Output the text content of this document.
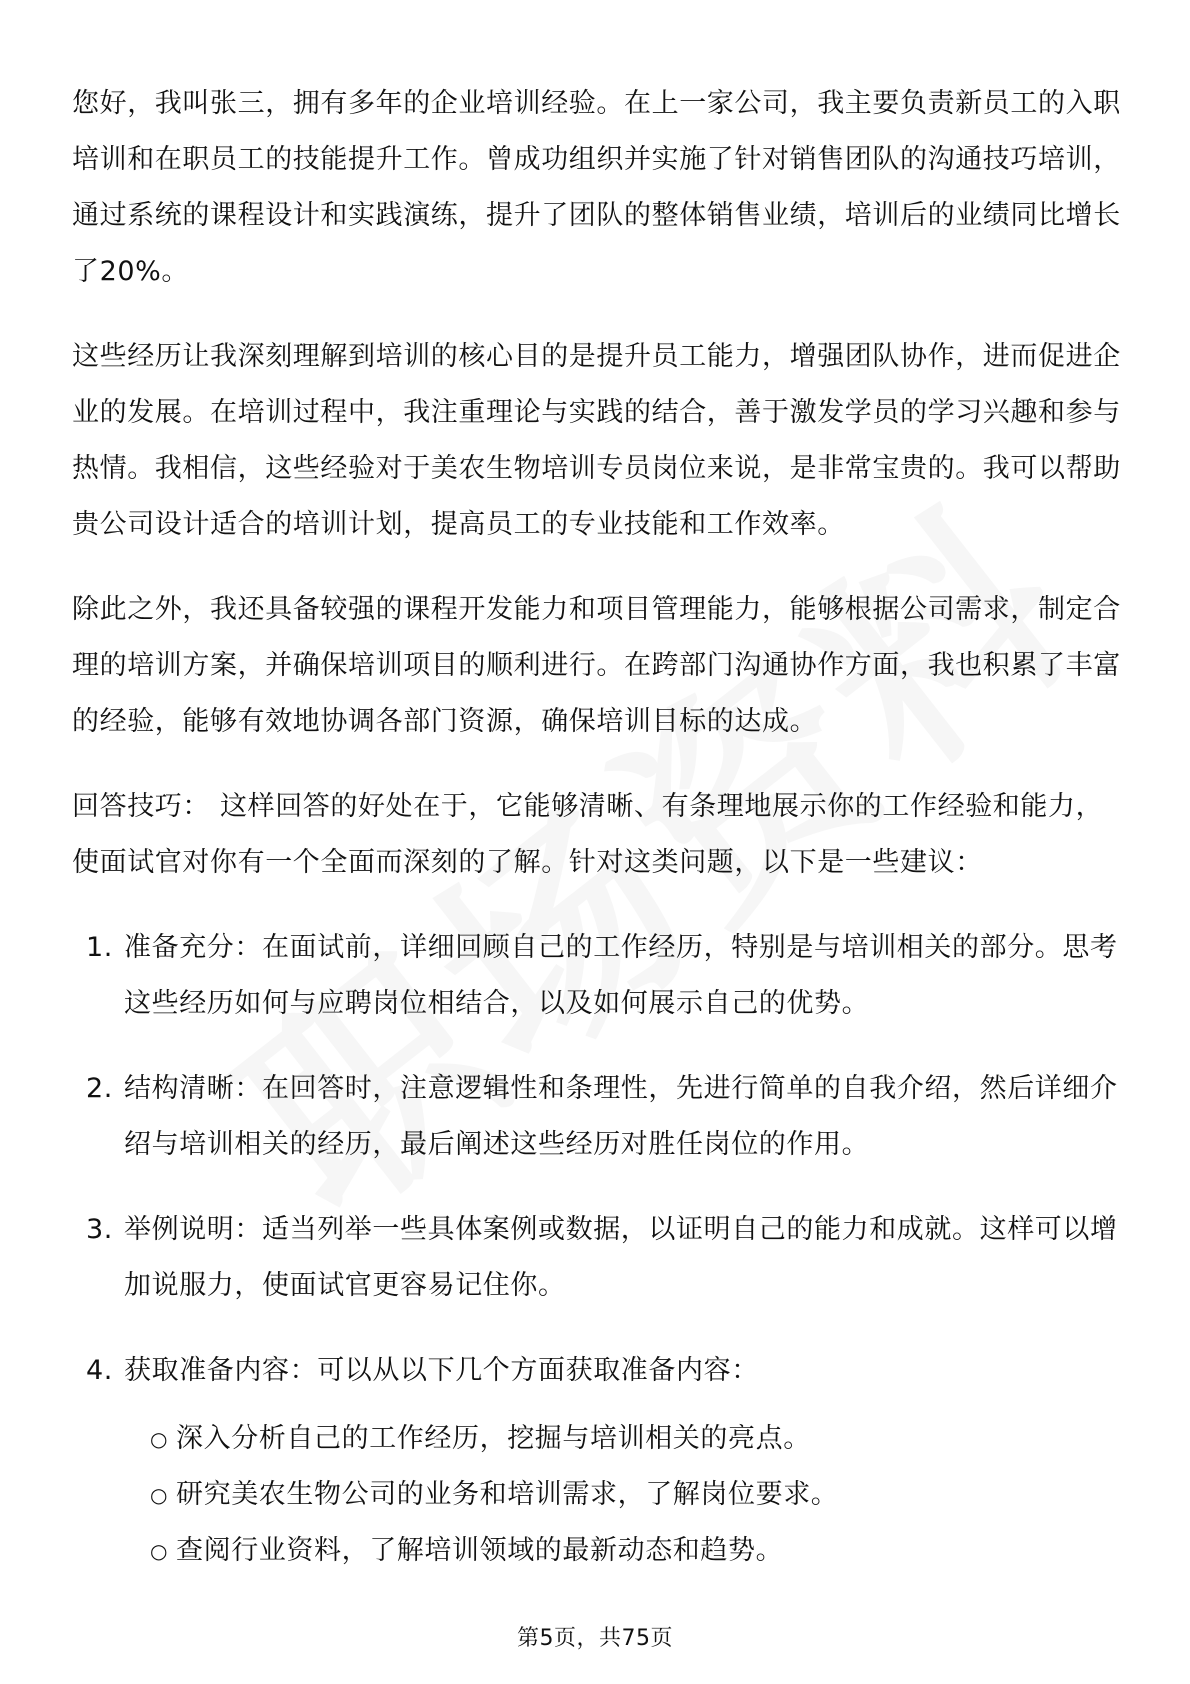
您好，我叫张三，拥有多年的企业培训经验。在上一家公司，我主要负责新员工的入职培训和在职员工的技能提升工作。曾成功组织并实施了针对销售团队的沟通技巧培训，通过系统的课程设计和实践演练，提升了团队的整体销售业绩，培训后的业绩同比增长了20%。

这些经历让我深刻理解到培训的核心目的是提升员工能力，增强团队协作，进而促进企业的发展。在培训过程中，我注重理论与实践的结合，善于激发学员的学习兴趣和参与热情。我相信，这些经验对于美农生物培训专员岗位来说，是非常宝贵的。我可以帮助贵公司设计适合的培训计划，提高员工的专业技能和工作效率。

除此之外，我还具备较强的课程开发能力和项目管理能力，能够根据公司需求，制定合理的培训方案，并确保培训项目的顺利进行。在跨部门沟通协作方面，我也积累了丰富的经验，能够有效地协调各部门资源，确保培训目标的达成。

回答技巧： 这样回答的好处在于，它能够清晰、有条理地展示你的工作经验和能力，使面试官对你有一个全面而深刻的了解。针对这类问题，以下是一些建议：

1. 准备充分：在面试前，详细回顾自己的工作经历，特别是与培训相关的部分。思考这些经历如何与应聘岗位相结合，以及如何展示自己的优势。
2. 结构清晰：在回答时，注意逻辑性和条理性，先进行简单的自我介绍，然后详细介绍与培训相关的经历，最后阐述这些经历对胜任岗位的作用。
3. 举例说明：适当列举一些具体案例或数据，以证明自己的能力和成就。这样可以增加说服力，使面试官更容易记住你。
4. 获取准备内容：可以从以下几个方面获取准备内容：
○ 深入分析自己的工作经历，挖掘与培训相关的亮点。
○ 研究美农生物公司的业务和培训需求，了解岗位要求。
○ 查阅行业资料，了解培训领域的最新动态和趋势。
第5页，共75页
